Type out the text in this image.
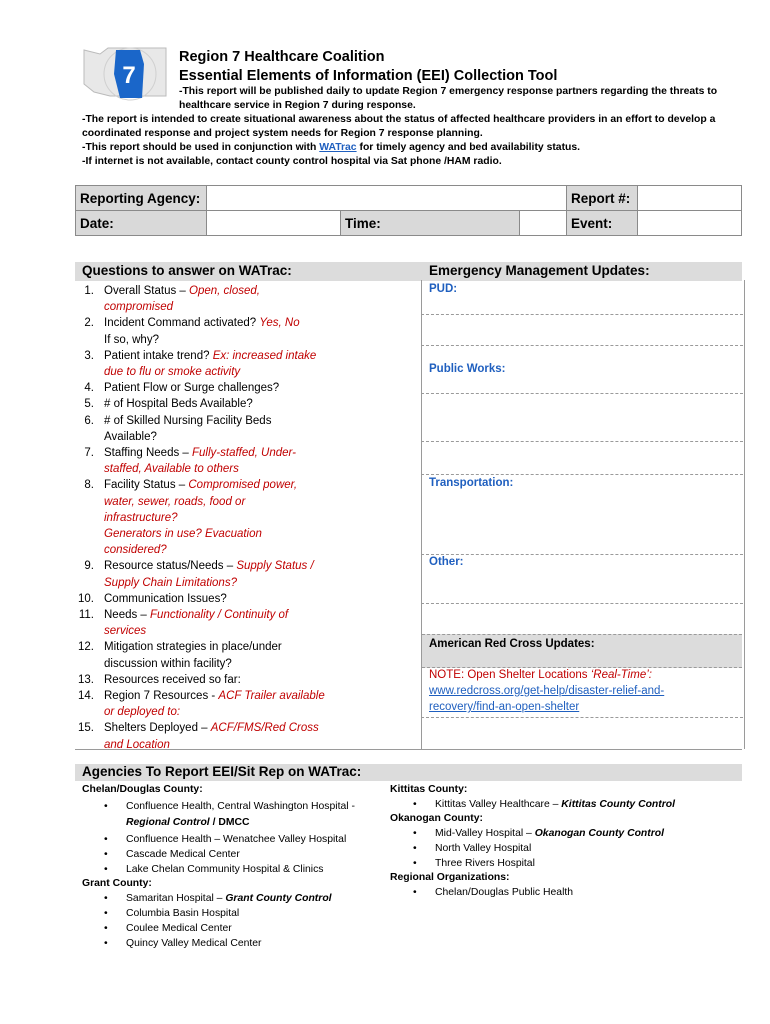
7
Region 7 Healthcare Coalition
Essential Elements of Information (EEI) Collection Tool
-This report will be published daily to update Region 7 emergency response partners regarding the threats to
healthcare service in Region 7 during response.
-The report is intended to create situational awareness about the status of affected healthcare providers in an effort to develop a
coordinated response and project system needs for Region 7 response planning.
-This report should be used in conjunction with WATrac for timely agency and bed availability status.
-If internet is not available, contact county control hospital via Sat phone /HAM radio.
Reporting Agency:				Report #:	
Date:		Time:		Event:	
Questions to answer on WATrac:	Emergency Management Updates:
PUD:
Public Works:
Transportation:
Other:
American Red Cross Updates:
NOTE: Open Shelter Locations ‘Real-Time’:
www.redcross.org/get-help/disaster-relief-and-
recovery/find-an-open-shelter
1. Overall Status – Open, closed,
compromised
2. Incident Command activated? Yes, No
If so, why?
3. Patient intake trend? Ex: increased intake
due to flu or smoke activity
4. Patient Flow or Surge challenges?
5. # of Hospital Beds Available?
6. # of Skilled Nursing Facility Beds
Available?
7. Staffing Needs – Fully-staffed, Under-
staffed, Available to others
8. Facility Status – Compromised power,
water, sewer, roads, food or
infrastructure?
Generators in use? Evacuation
considered?
9. Resource status/Needs – Supply Status /
Supply Chain Limitations?
10. Communication Issues?
11. Needs – Functionality / Continuity of
services
12. Mitigation strategies in place/under
discussion within facility?
13. Resources received so far:
14. Region 7 Resources - ACF Trailer available
or deployed to:
15. Shelters Deployed – ACF/FMS/Red Cross
and Location
Agencies To Report EEI/Sit Rep on WATrac:
Chelan/Douglas County:
• Confluence Health, Central Washington Hospital -
Regional Control / DMCC
• Confluence Health – Wenatchee Valley Hospital
• Cascade Medical Center
• Lake Chelan Community Hospital & Clinics
Grant County:
• Samaritan Hospital – Grant County Control
• Columbia Basin Hospital
• Coulee Medical Center
• Quincy Valley Medical Center
Kittitas County:
• Kittitas Valley Healthcare – Kittitas County Control
Okanogan County:
• Mid-Valley Hospital – Okanogan County Control
• North Valley Hospital
• Three Rivers Hospital
Regional Organizations:
• Chelan/Douglas Public Health
